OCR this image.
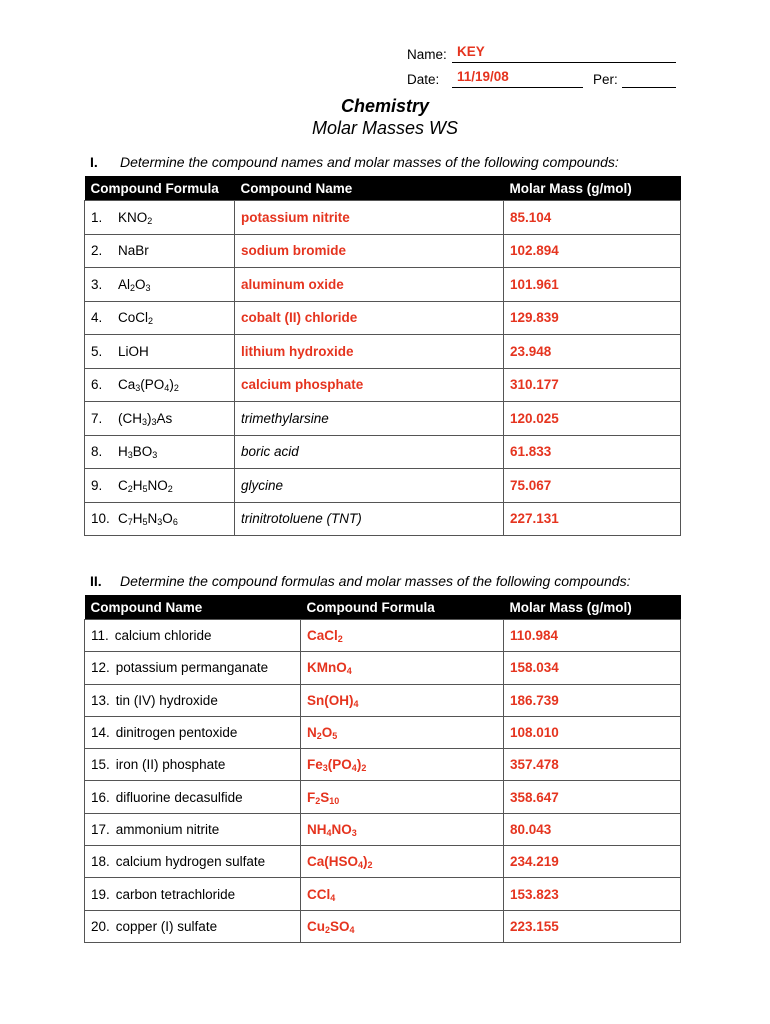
Name: KEY
Date: 11/19/08	Per:
Chemistry
Molar Masses WS
I. Determine the compound names and molar masses of the following compounds:
Compound Formula	Compound Name	Molar Mass (g/mol)
1. $KNO_2$	potassium nitrite	85.104
2. NaBr	sodium bromide	102.894
3. $Al_2O_3$	aluminum oxide	101.961
4. CoCl$_2$	cobalt (II) chloride	129.839
5. LiOH	lithium hydroxide	23.948
6. $Ca_3(PO_4)_2$	calcium phosphate	310.177
7. $(CH_3)_3As$	trimethylarsine	120.025
8. $H_3BO_3$	boric acid	61.833
9. $C_2H_5NO_2$	glycine	75.067
10. $C_7H_5N_3O_6$	trinitrotoluene (TNT)	227.131
II. Determine the compound formulas and molar masses of the following compounds:
Compound Name	Compound Formula	Molar Mass (g/mol)
11. calcium chloride	CaCl$_2$	110.984
12. potassium permanganate	KMnO$_4$	158.034
13. tin (IV) hydroxide	$Sn(OH)_4$	186.739
14. dinitrogen pentoxide	$N_2O_5$	108.010
15. iron (II) phosphate	$Fe_3(PO_4)_2$	357.478
16. difluorine decasulfide	$F_2S_{10}$	358.647
17. ammonium nitrite	$NH_4NO_3$	80.043
18. calcium hydrogen sulfate	$Ca(HSO_4)_2$	234.219
19. carbon tetrachloride	CCl$_4$	153.823
20. copper (I) sulfate	$Cu_2SO_4$	223.155
